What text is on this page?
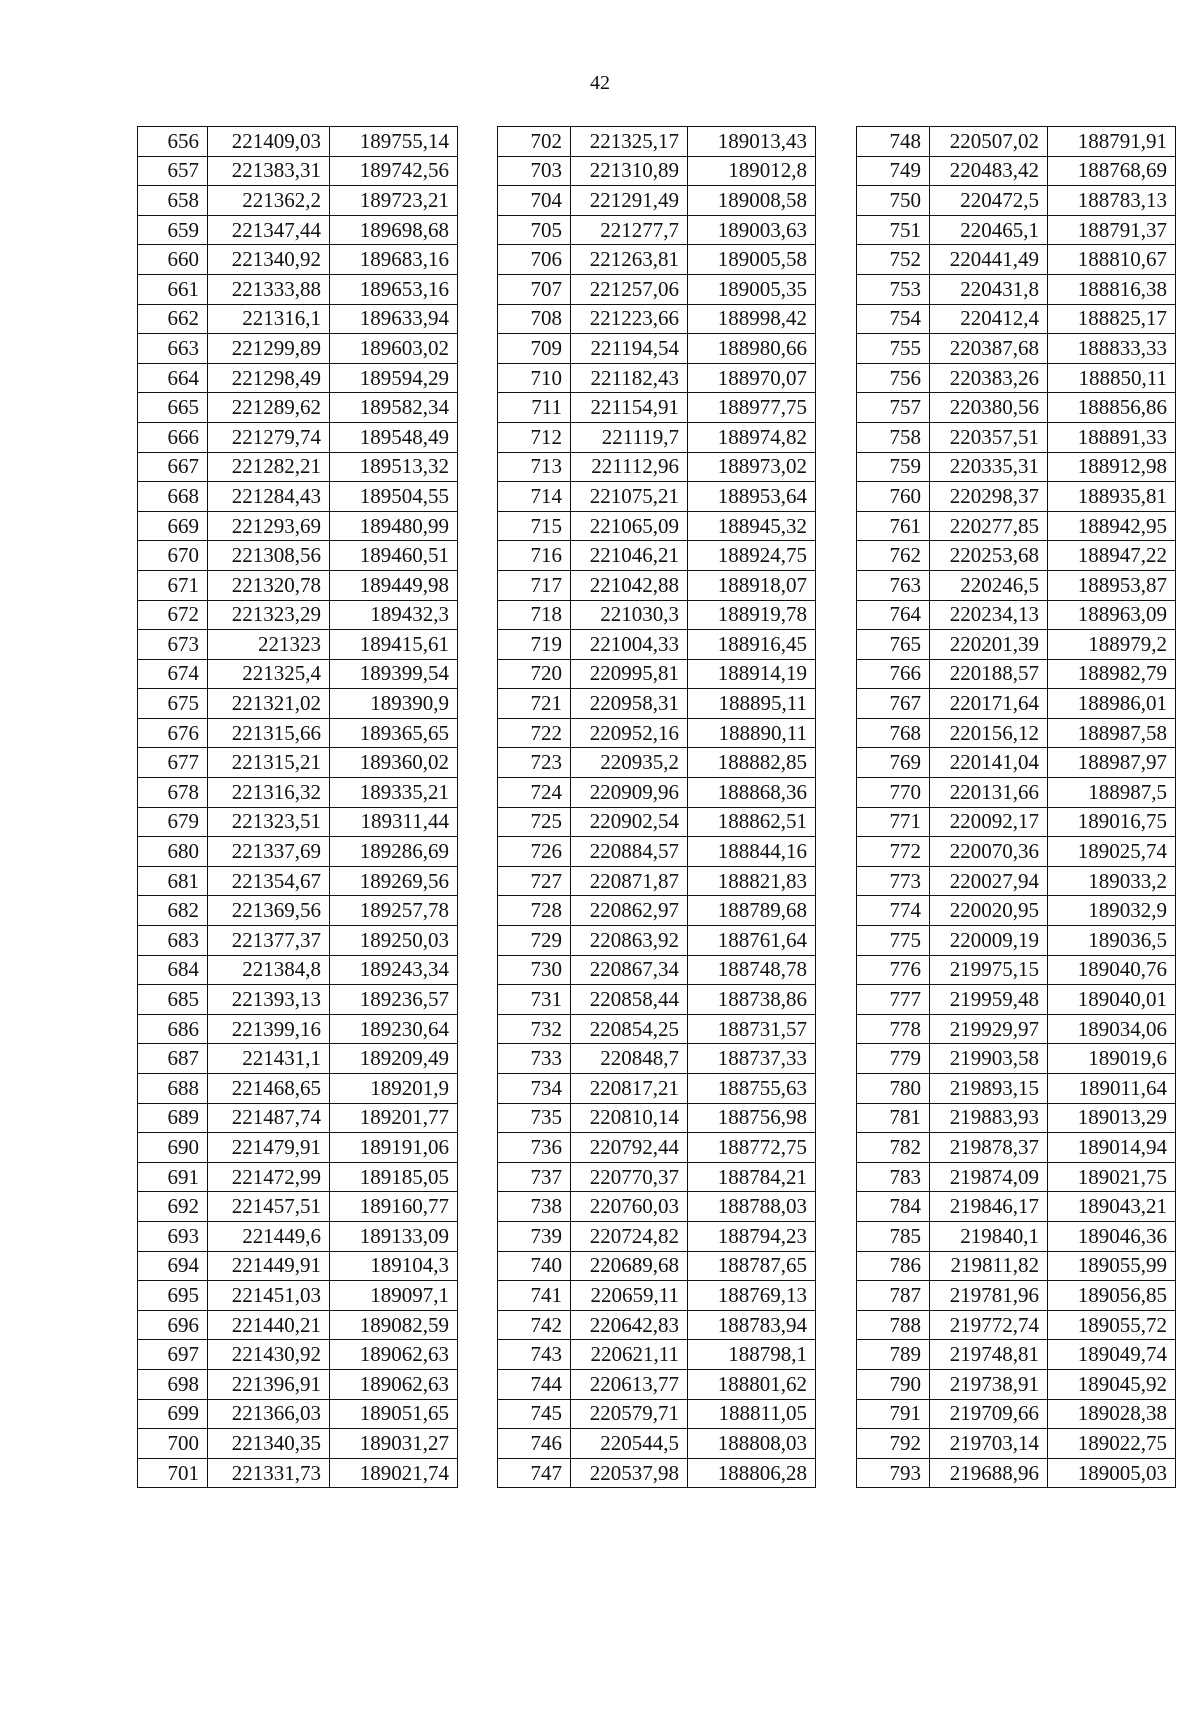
42
656	221409,03	189755,14
657	221383,31	189742,56
658	221362,2	189723,21
659	221347,44	189698,68
660	221340,92	189683,16
661	221333,88	189653,16
662	221316,1	189633,94
663	221299,89	189603,02
664	221298,49	189594,29
665	221289,62	189582,34
666	221279,74	189548,49
667	221282,21	189513,32
668	221284,43	189504,55
669	221293,69	189480,99
670	221308,56	189460,51
671	221320,78	189449,98
672	221323,29	189432,3
673	221323	189415,61
674	221325,4	189399,54
675	221321,02	189390,9
676	221315,66	189365,65
677	221315,21	189360,02
678	221316,32	189335,21
679	221323,51	189311,44
680	221337,69	189286,69
681	221354,67	189269,56
682	221369,56	189257,78
683	221377,37	189250,03
684	221384,8	189243,34
685	221393,13	189236,57
686	221399,16	189230,64
687	221431,1	189209,49
688	221468,65	189201,9
689	221487,74	189201,77
690	221479,91	189191,06
691	221472,99	189185,05
692	221457,51	189160,77
693	221449,6	189133,09
694	221449,91	189104,3
695	221451,03	189097,1
696	221440,21	189082,59
697	221430,92	189062,63
698	221396,91	189062,63
699	221366,03	189051,65
700	221340,35	189031,27
701	221331,73	189021,74
702	221325,17	189013,43
703	221310,89	189012,8
704	221291,49	189008,58
705	221277,7	189003,63
706	221263,81	189005,58
707	221257,06	189005,35
708	221223,66	188998,42
709	221194,54	188980,66
710	221182,43	188970,07
711	221154,91	188977,75
712	221119,7	188974,82
713	221112,96	188973,02
714	221075,21	188953,64
715	221065,09	188945,32
716	221046,21	188924,75
717	221042,88	188918,07
718	221030,3	188919,78
719	221004,33	188916,45
720	220995,81	188914,19
721	220958,31	188895,11
722	220952,16	188890,11
723	220935,2	188882,85
724	220909,96	188868,36
725	220902,54	188862,51
726	220884,57	188844,16
727	220871,87	188821,83
728	220862,97	188789,68
729	220863,92	188761,64
730	220867,34	188748,78
731	220858,44	188738,86
732	220854,25	188731,57
733	220848,7	188737,33
734	220817,21	188755,63
735	220810,14	188756,98
736	220792,44	188772,75
737	220770,37	188784,21
738	220760,03	188788,03
739	220724,82	188794,23
740	220689,68	188787,65
741	220659,11	188769,13
742	220642,83	188783,94
743	220621,11	188798,1
744	220613,77	188801,62
745	220579,71	188811,05
746	220544,5	188808,03
747	220537,98	188806,28
748	220507,02	188791,91
749	220483,42	188768,69
750	220472,5	188783,13
751	220465,1	188791,37
752	220441,49	188810,67
753	220431,8	188816,38
754	220412,4	188825,17
755	220387,68	188833,33
756	220383,26	188850,11
757	220380,56	188856,86
758	220357,51	188891,33
759	220335,31	188912,98
760	220298,37	188935,81
761	220277,85	188942,95
762	220253,68	188947,22
763	220246,5	188953,87
764	220234,13	188963,09
765	220201,39	188979,2
766	220188,57	188982,79
767	220171,64	188986,01
768	220156,12	188987,58
769	220141,04	188987,97
770	220131,66	188987,5
771	220092,17	189016,75
772	220070,36	189025,74
773	220027,94	189033,2
774	220020,95	189032,9
775	220009,19	189036,5
776	219975,15	189040,76
777	219959,48	189040,01
778	219929,97	189034,06
779	219903,58	189019,6
780	219893,15	189011,64
781	219883,93	189013,29
782	219878,37	189014,94
783	219874,09	189021,75
784	219846,17	189043,21
785	219840,1	189046,36
786	219811,82	189055,99
787	219781,96	189056,85
788	219772,74	189055,72
789	219748,81	189049,74
790	219738,91	189045,92
791	219709,66	189028,38
792	219703,14	189022,75
793	219688,96	189005,03
